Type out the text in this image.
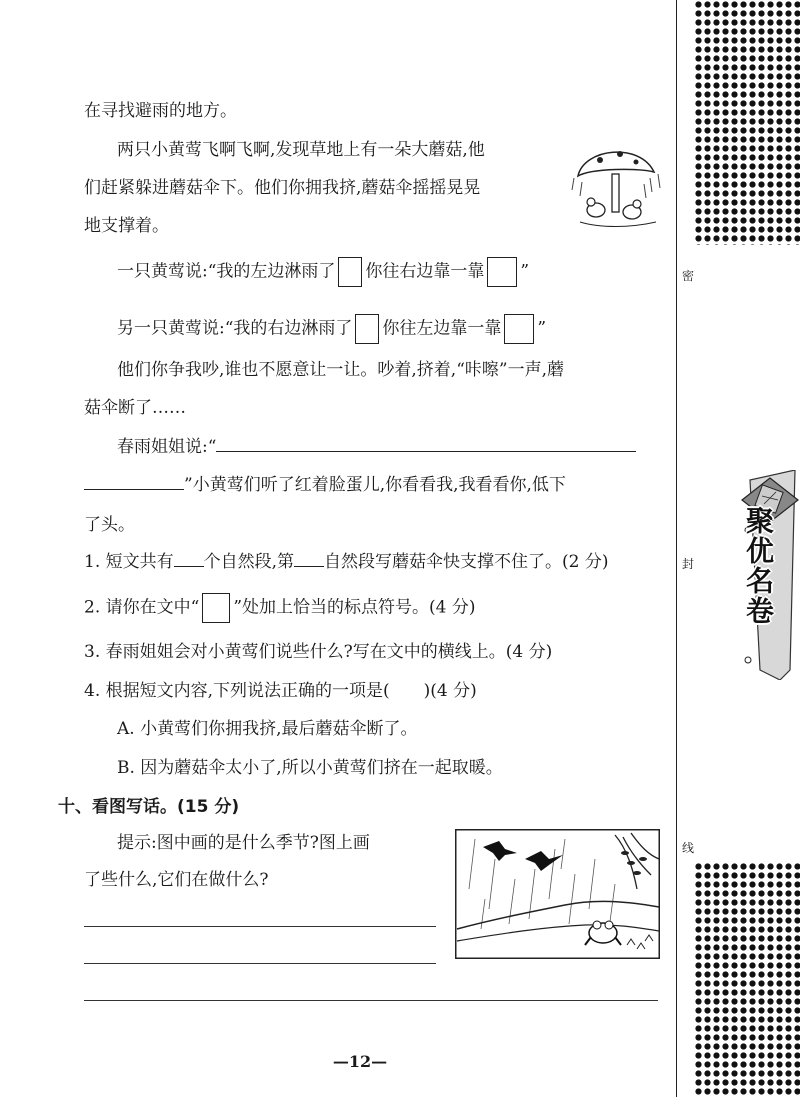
密
封
线
聚优名卷
在寻找避雨的地方。
两只小黄莺飞啊飞啊,发现草地上有一朵大蘑菇,他
们赶紧躲进蘑菇伞下。他们你拥我挤,蘑菇伞摇摇晃晃
地支撑着。
一只黄莺说:“我的左边淋雨了 你往右边靠一靠 ”
另一只黄莺说:“我的右边淋雨了 你往左边靠一靠 ”
他们你争我吵,谁也不愿意让一让。吵着,挤着,“咔嚓”一声,蘑
菇伞断了……
春雨姐姐说:“
”小黄莺们听了红着脸蛋儿,你看看我,我看看你,低下
了头。
1. 短文共有 个自然段,第 自然段写蘑菇伞快支撑不住了。(2 分)
2. 请你在文中“ ”处加上恰当的标点符号。(4 分)
3. 春雨姐姐会对小黄莺们说些什么?写在文中的横线上。(4 分)
4. 根据短文内容,下列说法正确的一项是( )(4 分)
A. 小黄莺们你拥我挤,最后蘑菇伞断了。
B. 因为蘑菇伞太小了,所以小黄莺们挤在一起取暖。
十、看图写话。(15 分)
提示:图中画的是什么季节?图上画
了些什么,它们在做什么?
—12—
